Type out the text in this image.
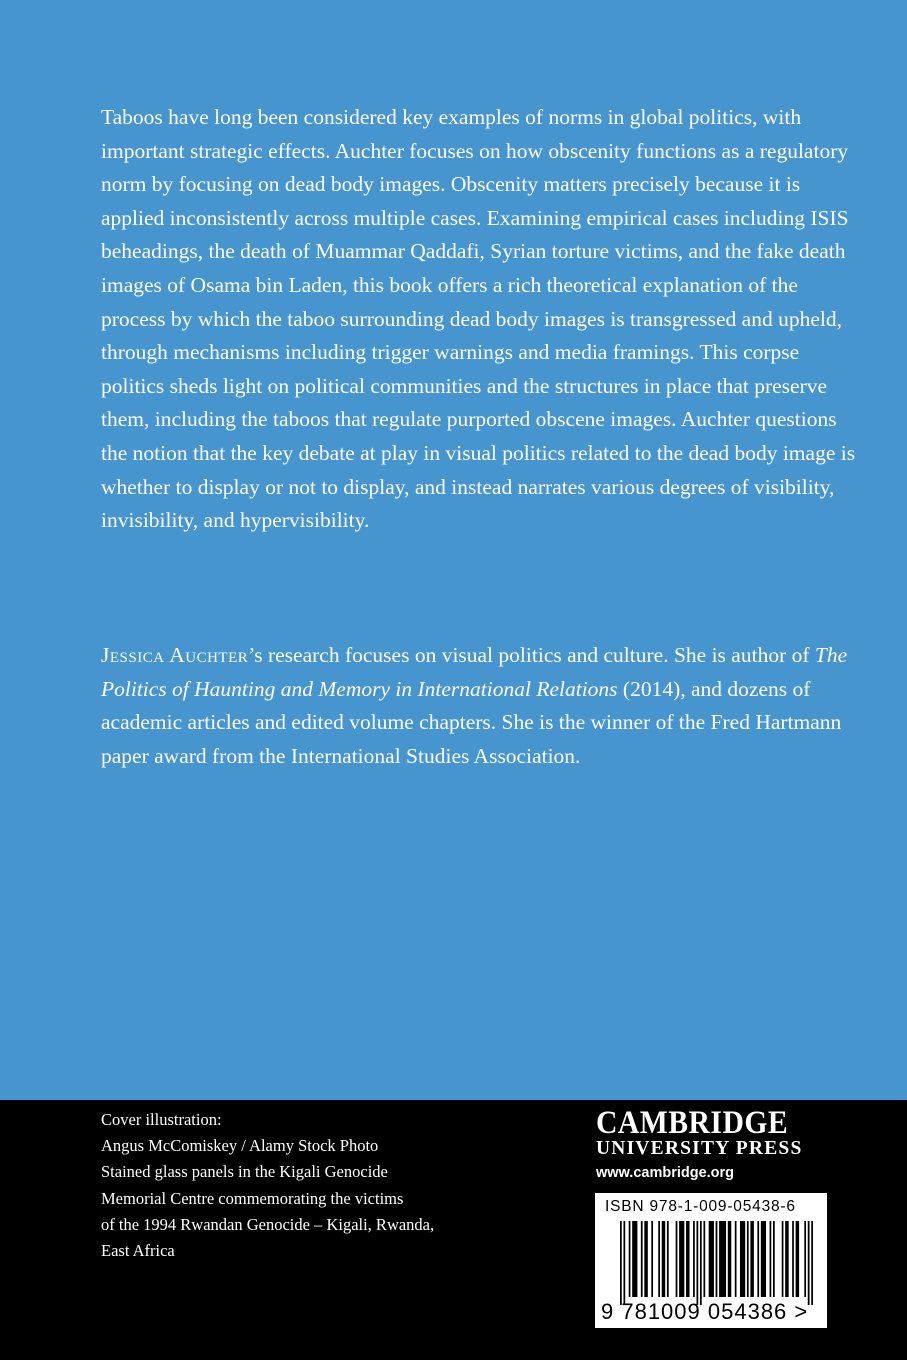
Taboos have long been considered key examples of norms in global politics, with important strategic effects. Auchter focuses on how obscenity functions as a regulatory norm by focusing on dead body images. Obscenity matters precisely because it is applied inconsistently across multiple cases. Examining empirical cases including ISIS beheadings, the death of Muammar Qaddafi, Syrian torture victims, and the fake death images of Osama bin Laden, this book offers a rich theoretical explanation of the process by which the taboo surrounding dead body images is transgressed and upheld, through mechanisms including trigger warnings and media framings. This corpse politics sheds light on political communities and the structures in place that preserve them, including the taboos that regulate purported obscene images. Auchter questions the notion that the key debate at play in visual politics related to the dead body image is whether to display or not to display, and instead narrates various degrees of visibility, invisibility, and hypervisibility.

Jessica Auchter’s research focuses on visual politics and culture. She is author of The Politics of Haunting and Memory in International Relations (2014), and dozens of academic articles and edited volume chapters. She is the winner of the Fred Hartmann paper award from the International Studies Association.

Cover illustration:
Angus McComiskey / Alamy Stock Photo
Stained glass panels in the Kigali Genocide
Memorial Centre commemorating the victims
of the 1994 Rwandan Genocide – Kigali, Rwanda,
East Africa
CAMBRIDGE
UNIVERSITY PRESS
www.cambridge.org
ISBN 978-1-009-05438-6
9 781009 054386 >
